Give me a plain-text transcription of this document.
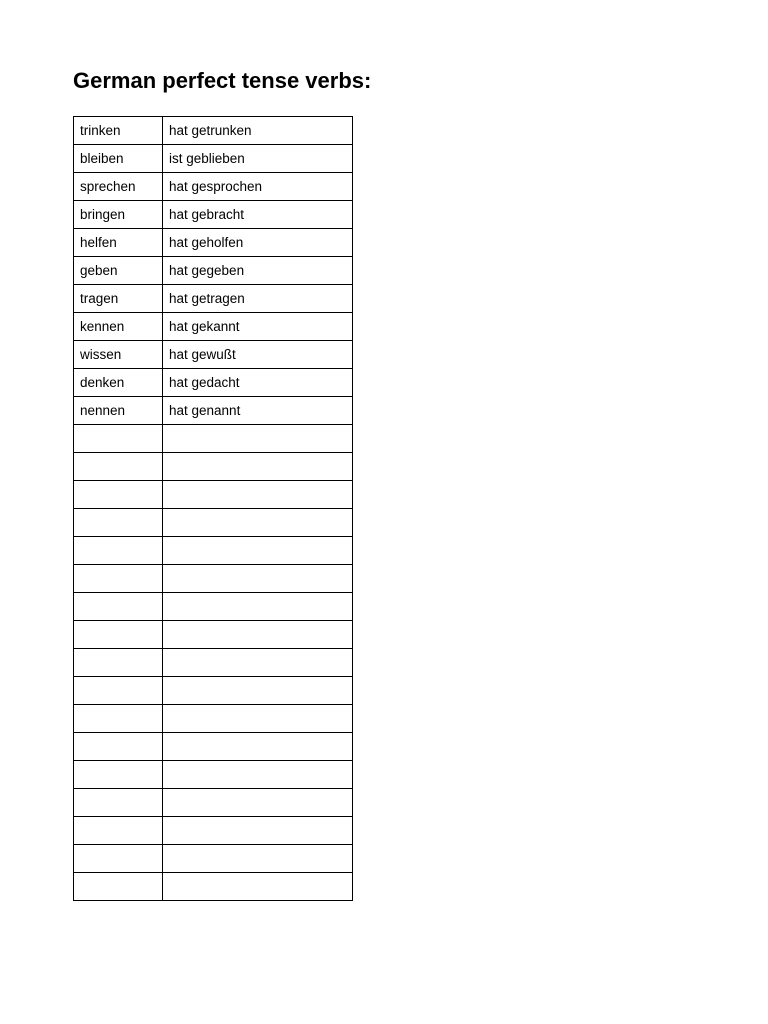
German perfect tense verbs:
trinken	hat getrunken
bleiben	ist geblieben
sprechen	hat gesprochen
bringen	hat gebracht
helfen	hat geholfen
geben	hat gegeben
tragen	hat getragen
kennen	hat gekannt
wissen	hat gewußt
denken	hat gedacht
nennen	hat genannt
